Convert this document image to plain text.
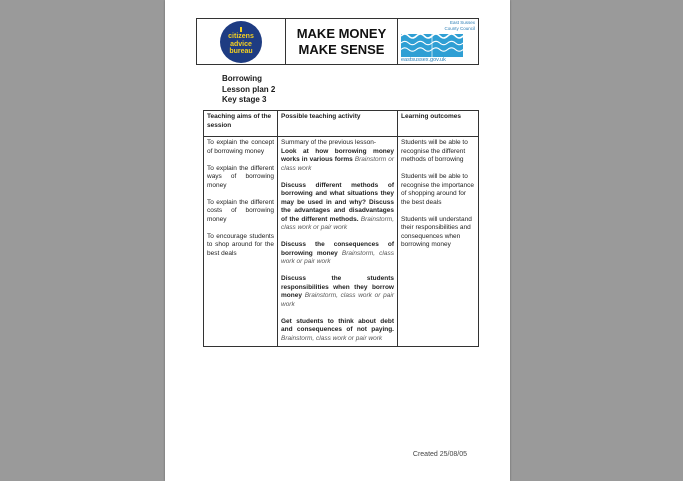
citizens
advice
bureau
MAKE MONEY
MAKE SENSE
East Sussex
County Council
eastsussex.gov.uk
Borrowing
Lesson plan 2
Key stage 3
Teaching aims of the session
Possible teaching activity	Learning outcomes

To explain the concept of borrowing money

To explain the different ways of borrowing money

To explain the different costs of borrowing money

To encourage students to shop around for the best deals

Summary of the previous lesson-
Look at how borrowing money works in various forms Brainstorm or class work

Discuss different methods of borrowing and what situations they may be used in and why? Discuss the advantages and disadvantages of the different methods. Brainstorm, class work or pair work

Discuss the consequences of borrowing money Brainstorm, class work or pair work

Discuss the students responsibilities when they borrow money Brainstorm, class work or pair work

Get students to think about debt and consequences of not paying. Brainstorm, class work or pair work

Students will be able to recognise the different methods of borrowing

Students will be able to recognise the importance of shopping around for the best deals

Students will understand their responsibilities and consequences when borrowing money

Created 25/08/05
